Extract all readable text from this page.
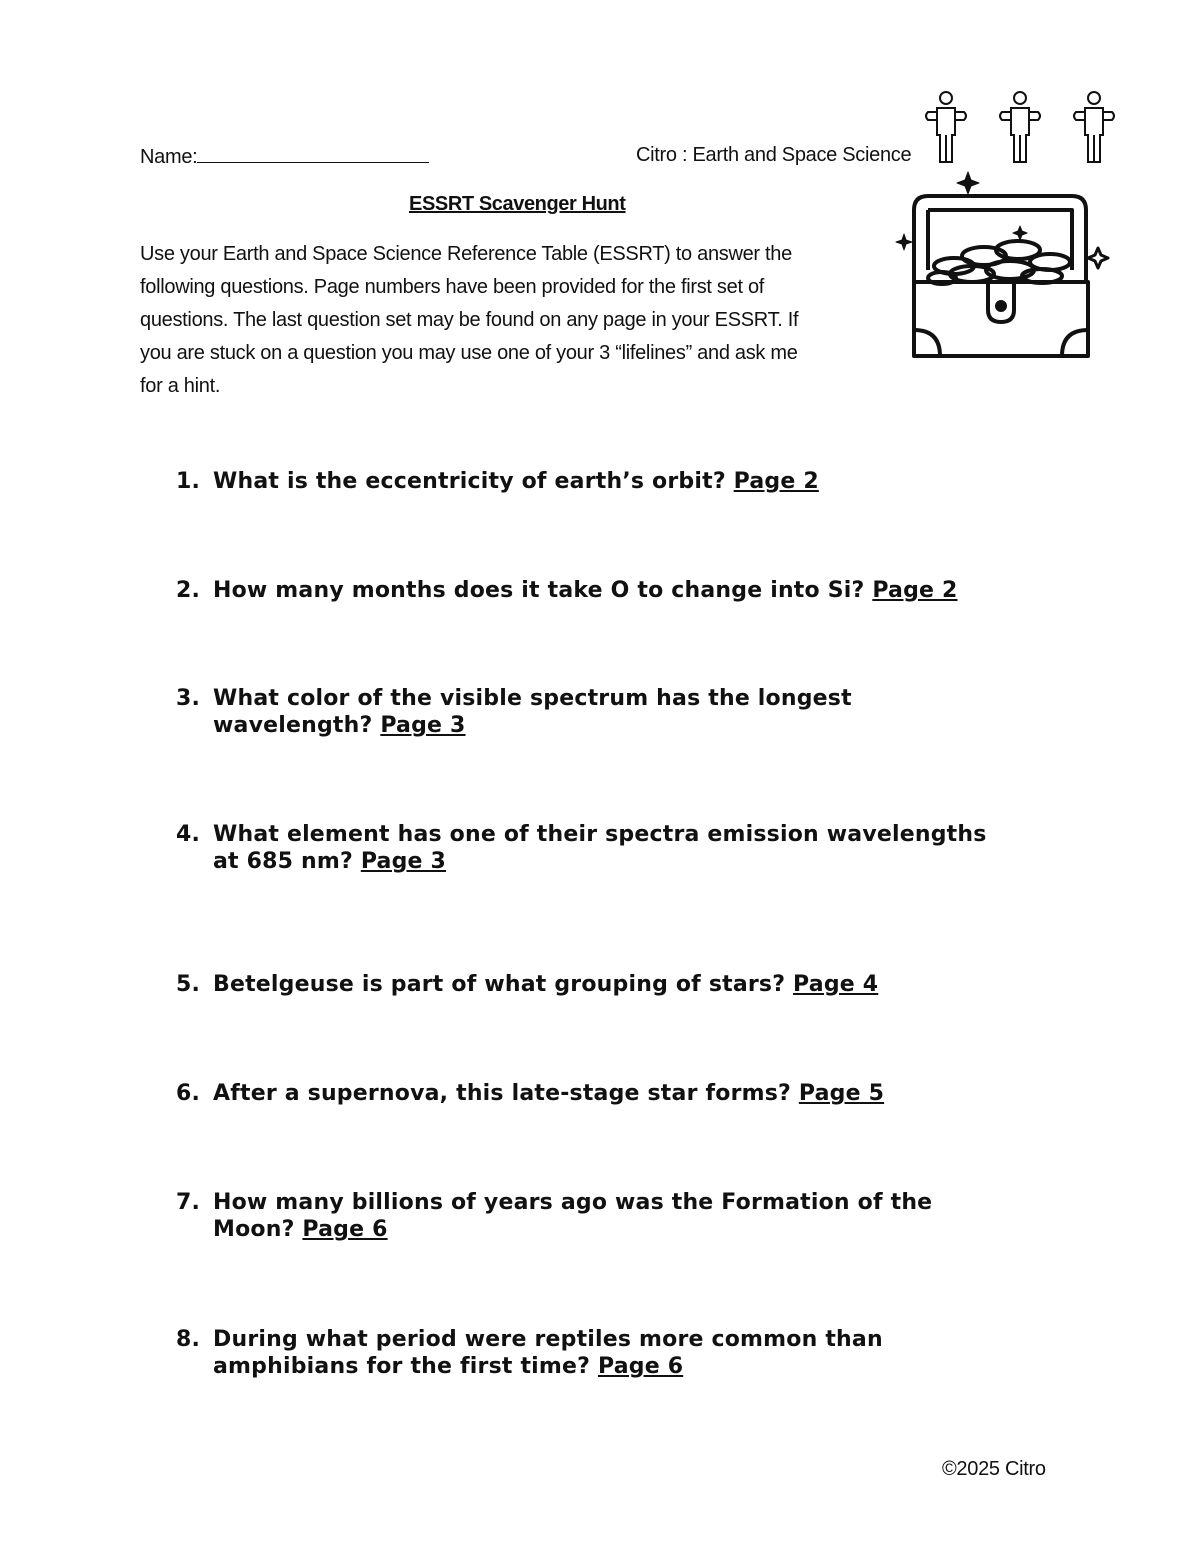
Name:	Citro : Earth and Space Science
ESSRT Scavenger Hunt
Use your Earth and Space Science Reference Table (ESSRT) to answer the
following questions. Page numbers have been provided for the first set of
questions. The last question set may be found on any page in your ESSRT. If
you are stuck on a question you may use one of your 3 “lifelines” and ask me
for a hint.
1. What is the eccentricity of earth’s orbit? Page 2
2. How many months does it take O to change into Si? Page 2
3. What color of the visible spectrum has the longest
wavelength? Page 3
4. What element has one of their spectra emission wavelengths
at 685 nm? Page 3
5. Betelgeuse is part of what grouping of stars? Page 4
6. After a supernova, this late-stage star forms? Page 5
7. How many billions of years ago was the Formation of the
Moon? Page 6
8. During what period were reptiles more common than
amphibians for the first time? Page 6
©2025 Citro
